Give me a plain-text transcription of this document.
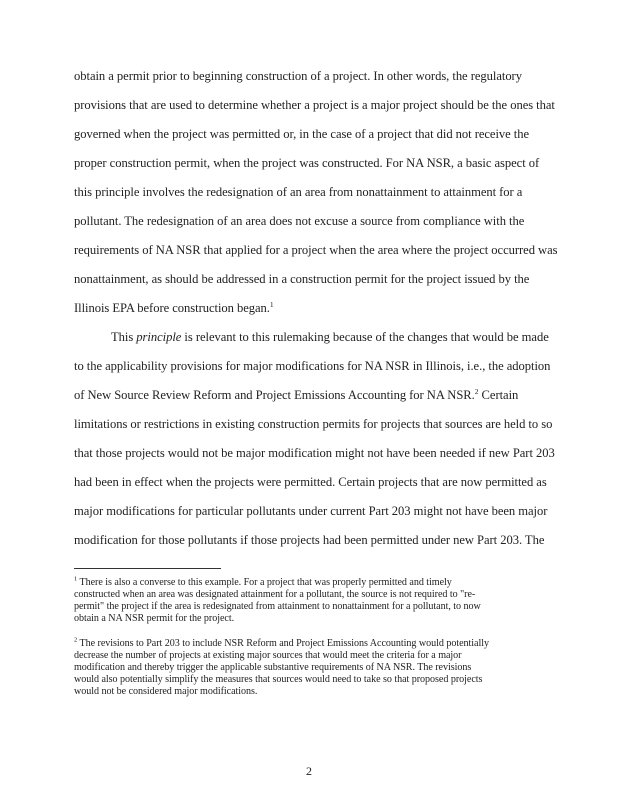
obtain a permit prior to beginning construction of a project. In other words, the regulatory
provisions that are used to determine whether a project is a major project should be the ones that
governed when the project was permitted or, in the case of a project that did not receive the
proper construction permit, when the project was constructed. For NA NSR, a basic aspect of
this principle involves the redesignation of an area from nonattainment to attainment for a
pollutant. The redesignation of an area does not excuse a source from compliance with the
requirements of NA NSR that applied for a project when the area where the project occurred was
nonattainment, as should be addressed in a construction permit for the project issued by the
Illinois EPA before construction began.$^1$
This principle is relevant to this rulemaking because of the changes that would be made
to the applicability provisions for major modifications for NA NSR in Illinois, i.e., the adoption
of New Source Review Reform and Project Emissions Accounting for NA NSR.$^2$ Certain
limitations or restrictions in existing construction permits for projects that sources are held to so
that those projects would not be major modification might not have been needed if new Part 203
had been in effect when the projects were permitted. Certain projects that are now permitted as
major modifications for particular pollutants under current Part 203 might not have been major
modification for those pollutants if those projects had been permitted under new Part 203. The
$^1$ There is also a converse to this example. For a project that was properly permitted and timely
constructed when an area was designated attainment for a pollutant, the source is not required to "re-
permit" the project if the area is redesignated from attainment to nonattainment for a pollutant, to now
obtain a NA NSR permit for the project.
$^2$ The revisions to Part 203 to include NSR Reform and Project Emissions Accounting would potentially
decrease the number of projects at existing major sources that would meet the criteria for a major
modification and thereby trigger the applicable substantive requirements of NA NSR. The revisions
would also potentially simplify the measures that sources would need to take so that proposed projects
would not be considered major modifications.
2
